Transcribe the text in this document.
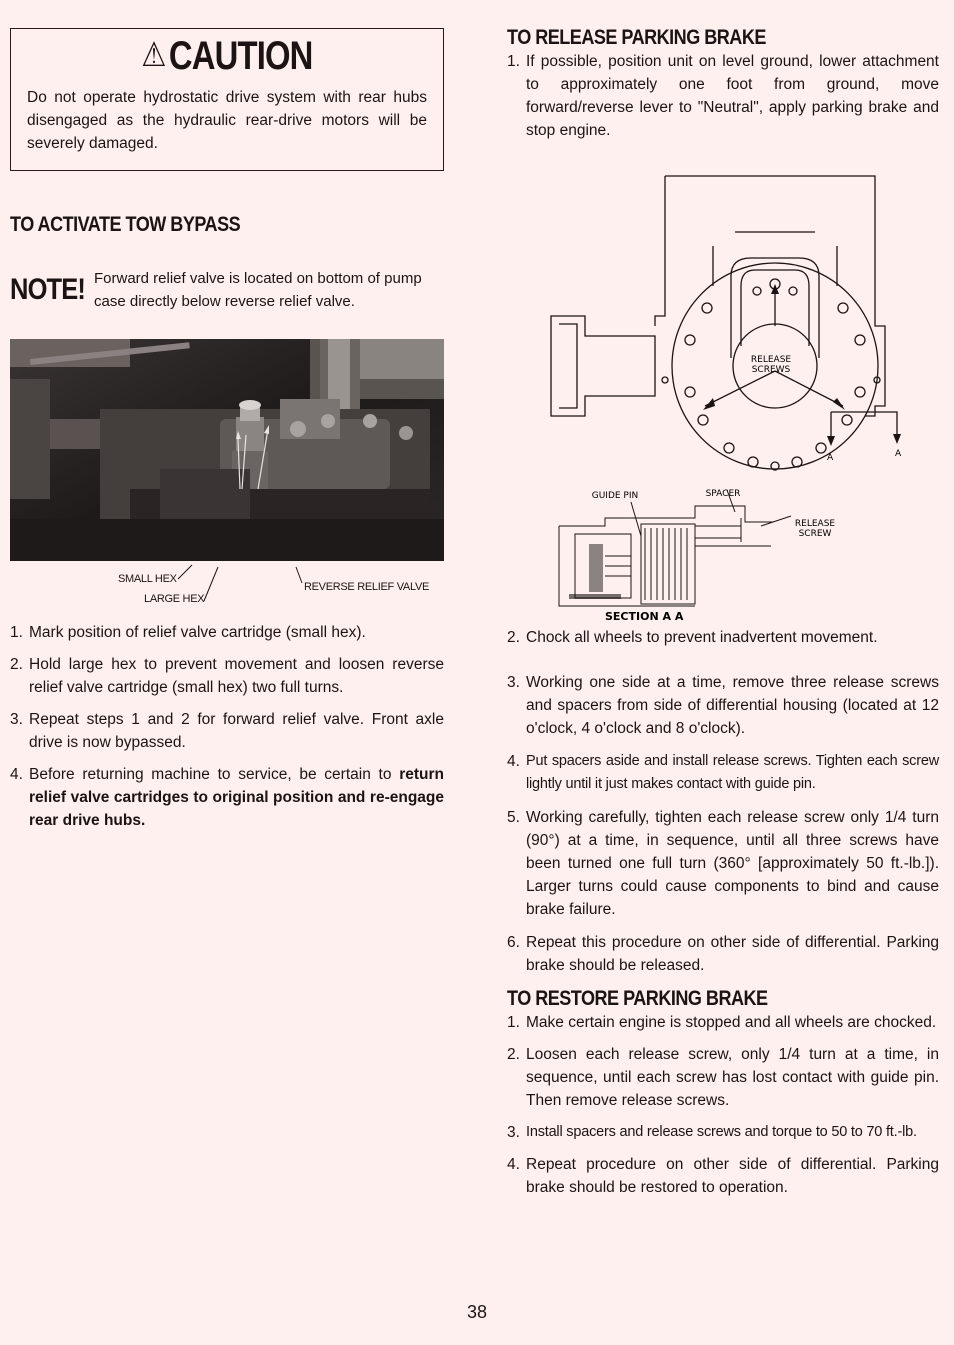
⚠CAUTION
Do not operate hydrostatic drive system with rear hubs disengaged as the hydraulic rear-drive motors will be severely damaged.
TO ACTIVATE TOW BYPASS
NOTE! Forward relief valve is located on bottom of pump case directly below reverse relief valve.
SMALL HEX
LARGE HEX
REVERSE RELIEF VALVE
1. Mark position of relief valve cartridge (small hex).
2. Hold large hex to prevent movement and loosen reverse relief valve cartridge (small hex) two full turns.
3. Repeat steps 1 and 2 for forward relief valve. Front axle drive is now bypassed.
4. Before returning machine to service, be certain to return relief valve cartridges to original position and re-engage rear drive hubs.
TO RELEASE PARKING BRAKE
1. If possible, position unit on level ground, lower attachment to approximately one foot from ground, move forward/reverse lever to "Neutral", apply parking brake and stop engine.
RELEASE
SCREWS
A	A
GUIDE PIN	SPACER
RELEASE
SCREW
SECTION A A
2. Chock all wheels to prevent inadvertent movement.
3. Working one side at a time, remove three release screws and spacers from side of differential housing (located at 12 o'clock, 4 o'clock and 8 o'clock).
4. Put spacers aside and install release screws. Tighten each screw lightly until it just makes contact with guide pin.
5. Working carefully, tighten each release screw only 1/4 turn (90°) at a time, in sequence, until all three screws have been turned one full turn (360° [approximately 50 ft.-lb.]). Larger turns could cause components to bind and cause brake failure.
6. Repeat this procedure on other side of differential. Parking brake should be released.
TO RESTORE PARKING BRAKE
1. Make certain engine is stopped and all wheels are chocked.
2. Loosen each release screw, only 1/4 turn at a time, in sequence, until each screw has lost contact with guide pin. Then remove release screws.
3. Install spacers and release screws and torque to 50 to 70 ft.-lb.
4. Repeat procedure on other side of differential. Parking brake should be restored to operation.
38
